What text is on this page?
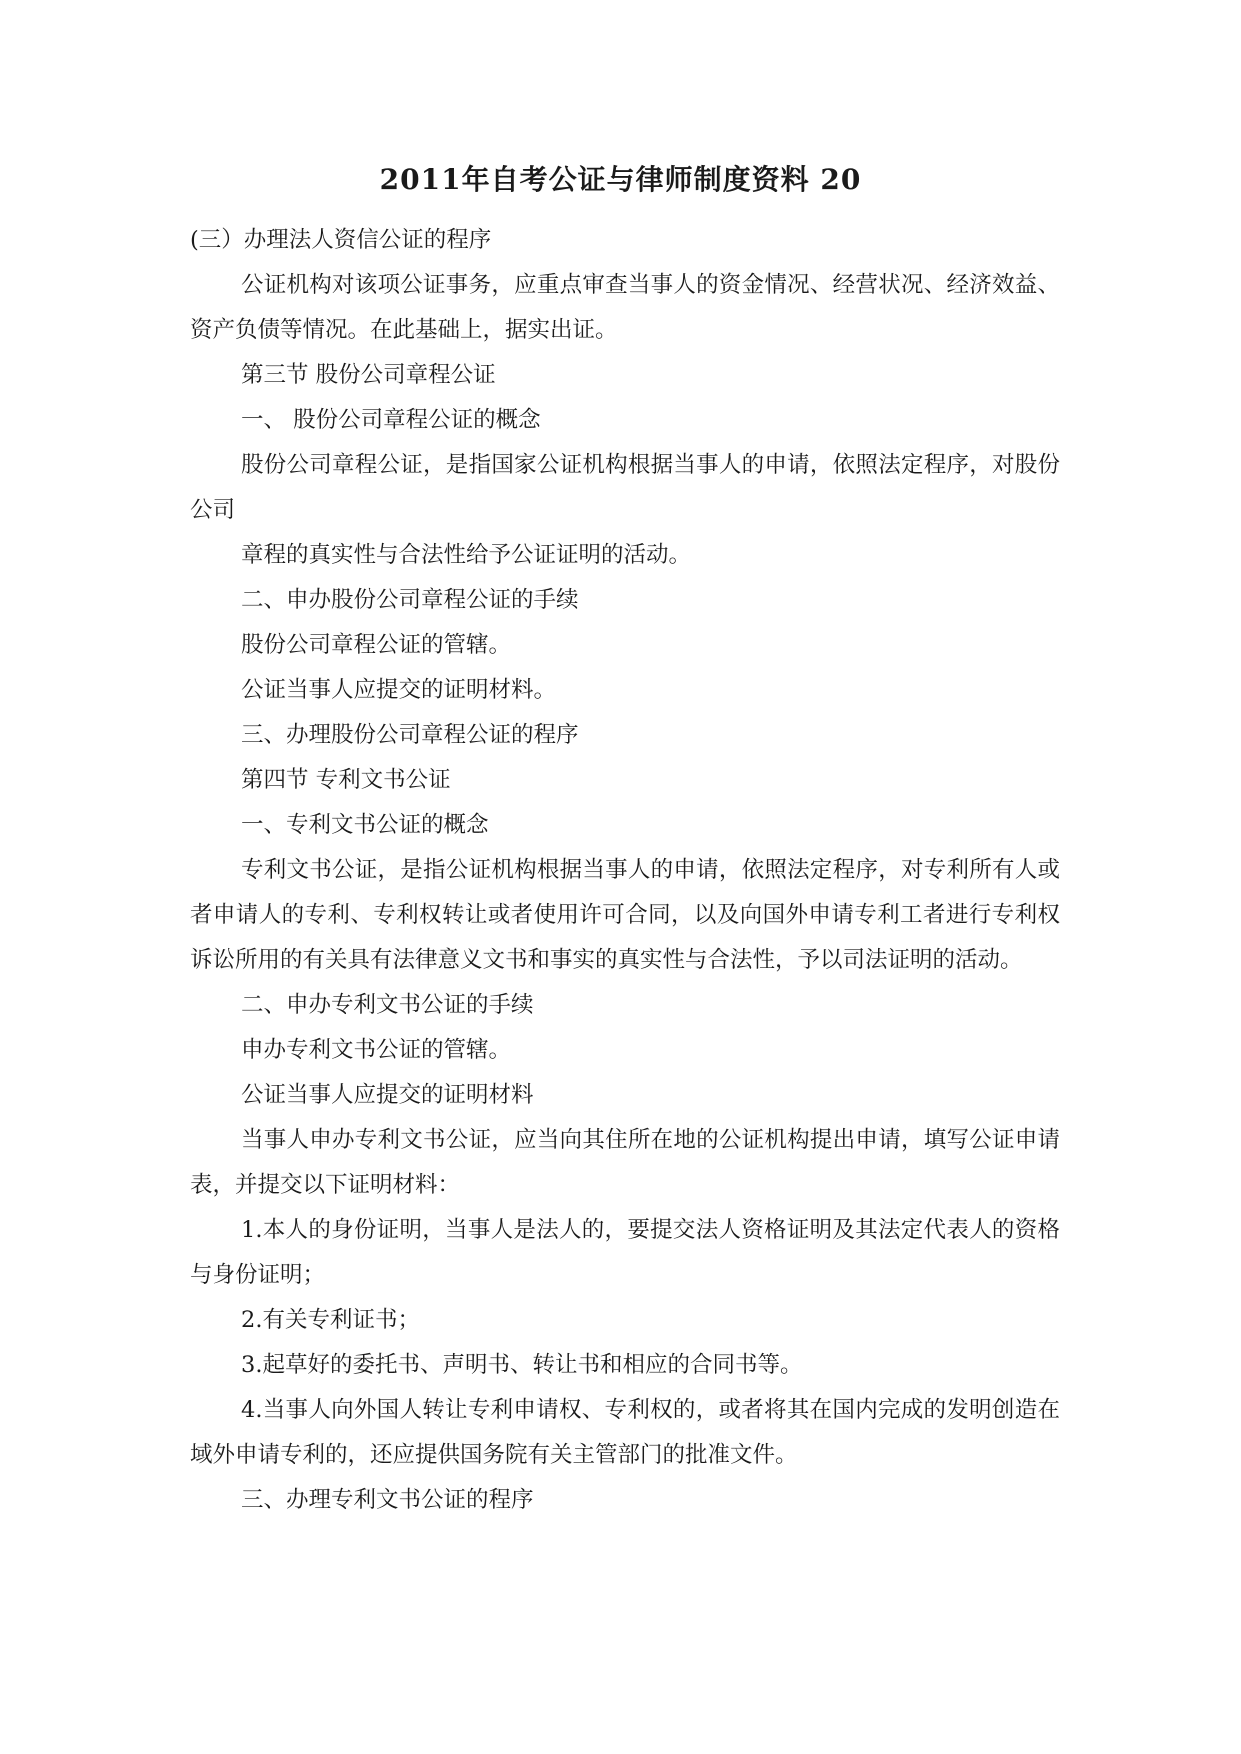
2011年自考公证与律师制度资料 20

(三）办理法人资信公证的程序

公证机构对该项公证事务，应重点审查当事人的资金情况、经营状况、经济效益、资产负债等情况。在此基础上，据实出证。

第三节 股份公司章程公证

一、 股份公司章程公证的概念

股份公司章程公证，是指国家公证机构根据当事人的申请，依照法定程序，对股份公司

章程的真实性与合法性给予公证证明的活动。

二、申办股份公司章程公证的手续

股份公司章程公证的管辖。

公证当事人应提交的证明材料。

三、办理股份公司章程公证的程序

第四节 专利文书公证

一、专利文书公证的概念

专利文书公证，是指公证机构根据当事人的申请，依照法定程序，对专利所有人或者申请人的专利、专利权转让或者使用许可合同，以及向国外申请专利工者进行专利权诉讼所用的有关具有法律意义文书和事实的真实性与合法性，予以司法证明的活动。

二、申办专利文书公证的手续

申办专利文书公证的管辖。

公证当事人应提交的证明材料

当事人申办专利文书公证，应当向其住所在地的公证机构提出申请，填写公证申请表，并提交以下证明材料：

1.本人的身份证明，当事人是法人的，要提交法人资格证明及其法定代表人的资格与身份证明；

2.有关专利证书；

3.起草好的委托书、声明书、转让书和相应的合同书等。

4.当事人向外国人转让专利申请权、专利权的，或者将其在国内完成的发明创造在域外申请专利的，还应提供国务院有关主管部门的批准文件。

三、办理专利文书公证的程序
